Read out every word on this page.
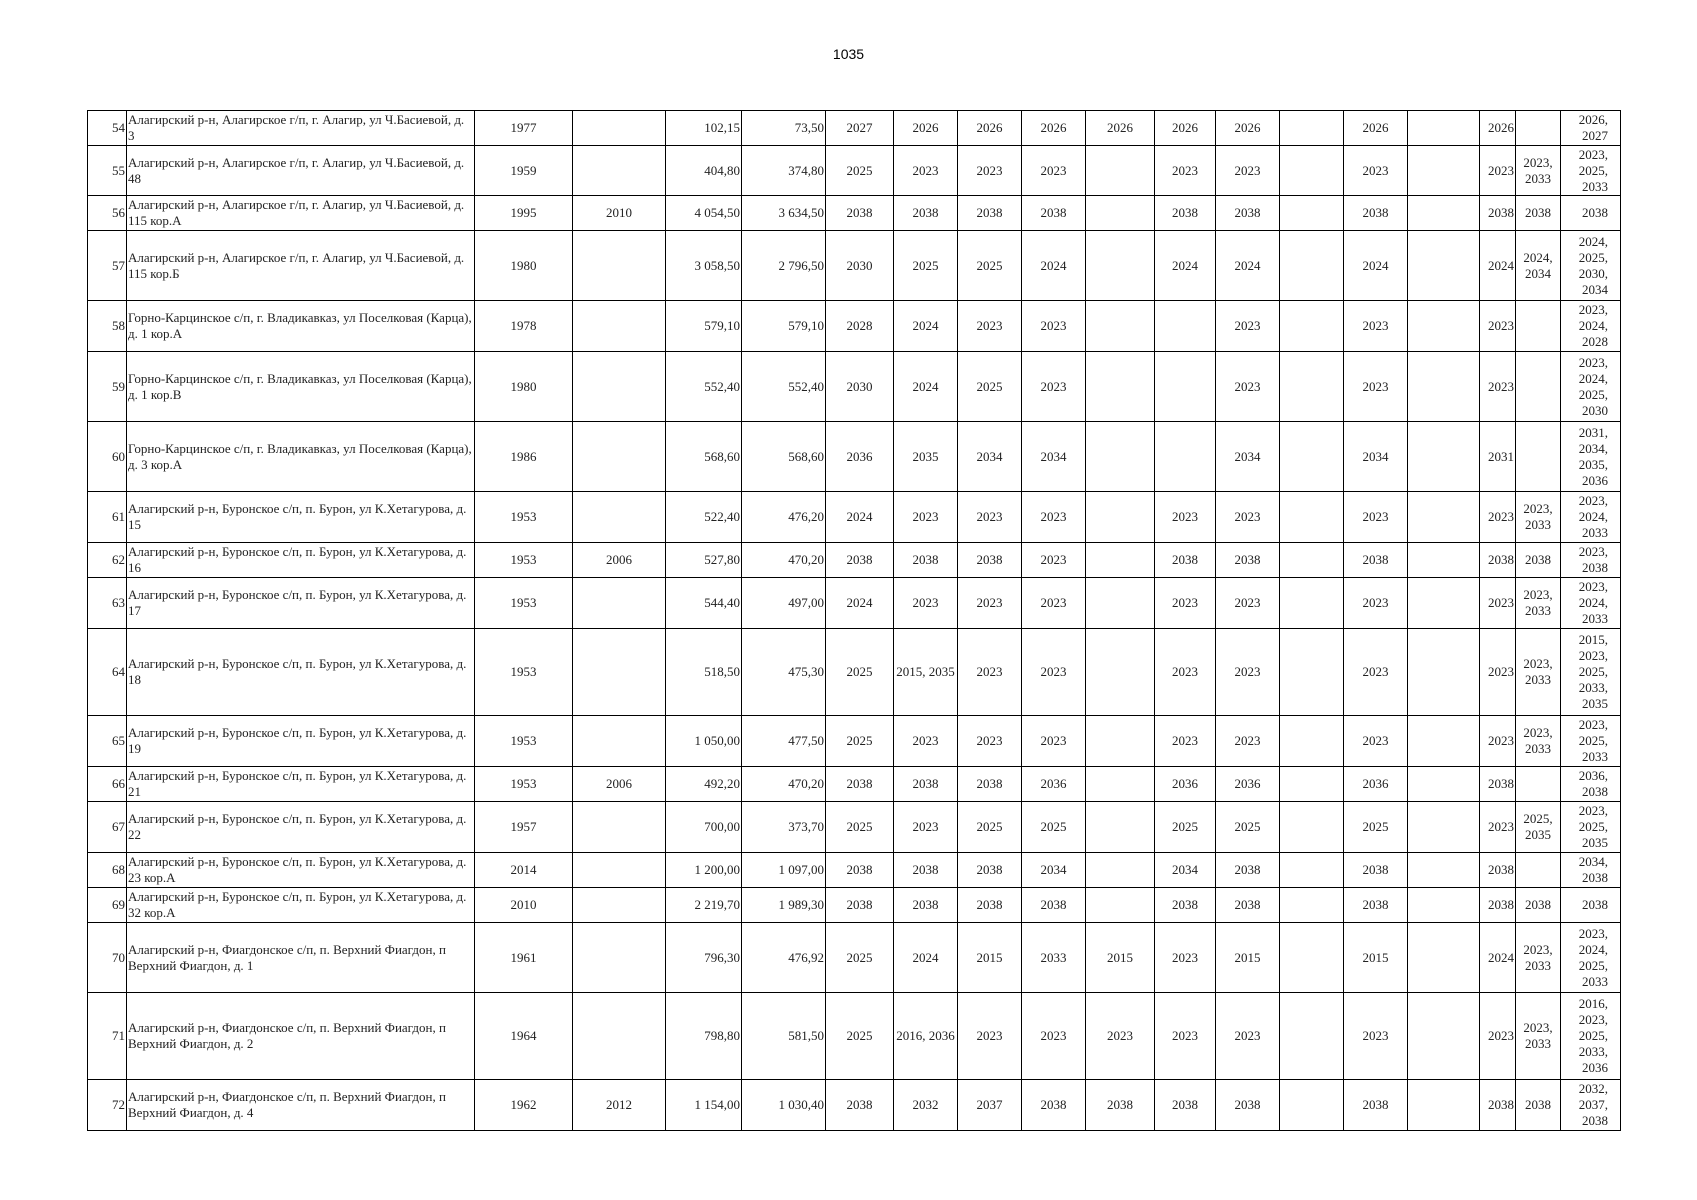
1035
54	Алагирский р-н, Алагирское г/п, г. Алагир, ул Ч.Басиевой, д. 3	1977		102,15	73,50	2027	2026	2026	2026	2026	2026	2026		2026		2026		2026, 2027
55	Алагирский р-н, Алагирское г/п, г. Алагир, ул Ч.Басиевой, д. 48	1959		404,80	374,80	2025	2023	2023	2023		2023	2023		2023		2023	2023, 2033	2023, 2025, 2033
56	Алагирский р-н, Алагирское г/п, г. Алагир, ул Ч.Басиевой, д. 115 кор.А	1995	2010	4 054,50	3 634,50	2038	2038	2038	2038		2038	2038		2038		2038	2038	2038
57	Алагирский р-н, Алагирское г/п, г. Алагир, ул Ч.Басиевой, д. 115 кор.Б	1980		3 058,50	2 796,50	2030	2025	2025	2024		2024	2024		2024		2024	2024, 2034	2024, 2025, 2030, 2034
58	Горно-Карцинское с/п, г. Владикавказ, ул Поселковая (Карца), д. 1 кор.А	1978		579,10	579,10	2028	2024	2023	2023			2023		2023		2023		2023, 2024, 2028
59	Горно-Карцинское с/п, г. Владикавказ, ул Поселковая (Карца), д. 1 кор.В	1980		552,40	552,40	2030	2024	2025	2023			2023		2023		2023		2023, 2024, 2025, 2030
60	Горно-Карцинское с/п, г. Владикавказ, ул Поселковая (Карца), д. 3 кор.А	1986		568,60	568,60	2036	2035	2034	2034			2034		2034		2031		2031, 2034, 2035, 2036
61	Алагирский р-н, Буронское с/п, п. Бурон, ул К.Хетагурова, д. 15	1953		522,40	476,20	2024	2023	2023	2023		2023	2023		2023		2023	2023, 2033	2023, 2024, 2033
62	Алагирский р-н, Буронское с/п, п. Бурон, ул К.Хетагурова, д. 16	1953	2006	527,80	470,20	2038	2038	2038	2023		2038	2038		2038		2038	2038	2023, 2038
63	Алагирский р-н, Буронское с/п, п. Бурон, ул К.Хетагурова, д. 17	1953		544,40	497,00	2024	2023	2023	2023		2023	2023		2023		2023	2023, 2033	2023, 2024, 2033
64	Алагирский р-н, Буронское с/п, п. Бурон, ул К.Хетагурова, д. 18	1953		518,50	475,30	2025	2015, 2035	2023	2023		2023	2023		2023		2023	2023, 2033	2015, 2023, 2025, 2033, 2035
65	Алагирский р-н, Буронское с/п, п. Бурон, ул К.Хетагурова, д. 19	1953		1 050,00	477,50	2025	2023	2023	2023		2023	2023		2023		2023	2023, 2033	2023, 2025, 2033
66	Алагирский р-н, Буронское с/п, п. Бурон, ул К.Хетагурова, д. 21	1953	2006	492,20	470,20	2038	2038	2038	2036		2036	2036		2036		2038		2036, 2038
67	Алагирский р-н, Буронское с/п, п. Бурон, ул К.Хетагурова, д. 22	1957		700,00	373,70	2025	2023	2025	2025		2025	2025		2025		2023	2025, 2035	2023, 2025, 2035
68	Алагирский р-н, Буронское с/п, п. Бурон, ул К.Хетагурова, д. 23 кор.А	2014		1 200,00	1 097,00	2038	2038	2038	2034		2034	2038		2038		2038		2034, 2038
69	Алагирский р-н, Буронское с/п, п. Бурон, ул К.Хетагурова, д. 32 кор.А	2010		2 219,70	1 989,30	2038	2038	2038	2038		2038	2038		2038		2038	2038	2038
70	Алагирский р-н, Фиагдонское с/п, п. Верхний Фиагдон, п Верхний Фиагдон, д. 1	1961		796,30	476,92	2025	2024	2015	2033	2015	2023	2015		2015		2024	2023, 2033	2023, 2024, 2025, 2033
71	Алагирский р-н, Фиагдонское с/п, п. Верхний Фиагдон, п Верхний Фиагдон, д. 2	1964		798,80	581,50	2025	2016, 2036	2023	2023	2023	2023	2023		2023		2023	2023, 2033	2016, 2023, 2025, 2033, 2036
72	Алагирский р-н, Фиагдонское с/п, п. Верхний Фиагдон, п Верхний Фиагдон, д. 4	1962	2012	1 154,00	1 030,40	2038	2032	2037	2038	2038	2038	2038		2038		2038	2038	2032, 2037, 2038
